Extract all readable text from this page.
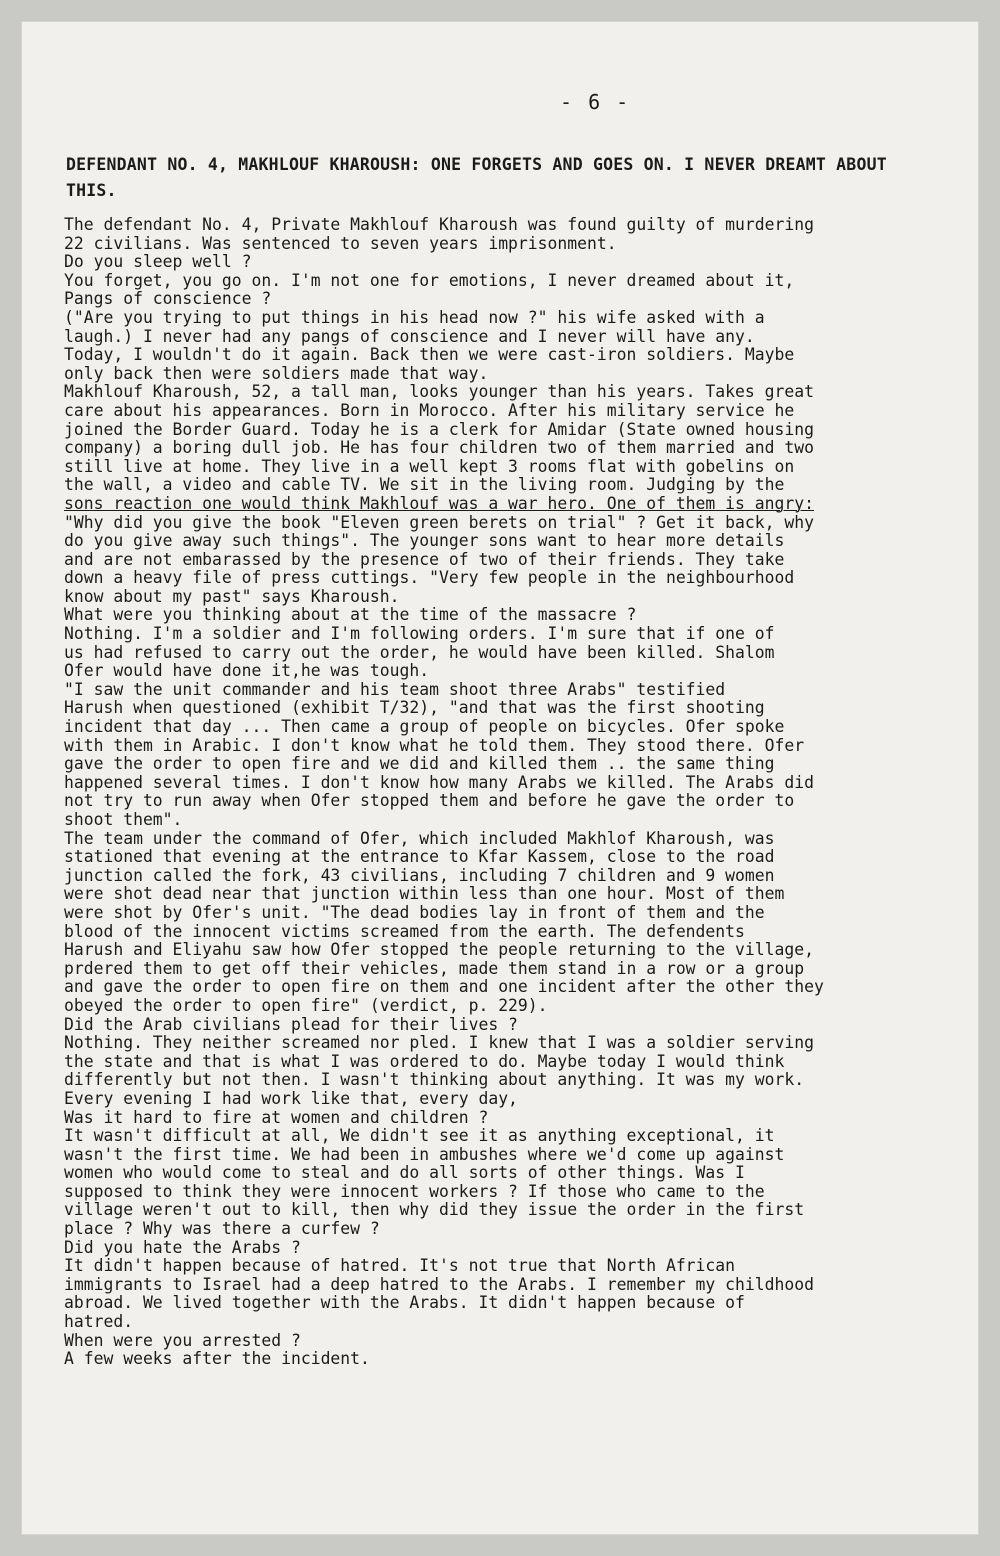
- 6 -
DEFENDANT NO. 4, MAKHLOUF KHAROUSH: ONE FORGETS AND GOES ON. I NEVER DREAMT ABOUT THIS.
The defendant No. 4, Private Makhlouf Kharoush was found guilty of murdering
22 civilians. Was sentenced to seven years imprisonment.
Do you sleep well ?
You forget, you go on. I'm not one for emotions, I never dreamed about it,
Pangs of conscience ?
("Are you trying to put things in his head now ?" his wife asked with a
laugh.) I never had any pangs of conscience and I never will have any.
Today, I wouldn't do it again. Back then we were cast-iron soldiers. Maybe
only back then were soldiers made that way.
Makhlouf Kharoush, 52, a tall man, looks younger than his years. Takes great
care about his appearances. Born in Morocco. After his military service he
joined the Border Guard. Today he is a clerk for Amidar (State owned housing
company) a boring dull job. He has four children two of them married and two
still live at home. They live in a well kept 3 rooms flat with gobelins on
the wall, a video and cable TV. We sit in the living room. Judging by the
sons reaction one would think Makhlouf was a war hero. One of them is angry:
"Why did you give the book "Eleven green berets on trial" ? Get it back, why
do you give away such things". The younger sons want to hear more details
and are not embarassed by the presence of two of their friends. They take
down a heavy file of press cuttings. "Very few people in the neighbourhood
know about my past" says Kharoush.
What were you thinking about at the time of the massacre ?
Nothing. I'm a soldier and I'm following orders. I'm sure that if one of
us had refused to carry out the order, he would have been killed. Shalom
Ofer would have done it,he was tough.
"I saw the unit commander and his team shoot three Arabs" testified
Harush when questioned (exhibit T/32), "and that was the first shooting
incident that day ... Then came a group of people on bicycles. Ofer spoke
with them in Arabic. I don't know what he told them. They stood there. Ofer
gave the order to open fire and we did and killed them .. the same thing
happened several times. I don't know how many Arabs we killed. The Arabs did
not try to run away when Ofer stopped them and before he gave the order to
shoot them".
The team under the command of Ofer, which included Makhlof Kharoush, was
stationed that evening at the entrance to Kfar Kassem, close to the road
junction called the fork, 43 civilians, including 7 children and 9 women
were shot dead near that junction within less than one hour. Most of them
were shot by Ofer's unit. "The dead bodies lay in front of them and the
blood of the innocent victims screamed from the earth. The defendents
Harush and Eliyahu saw how Ofer stopped the people returning to the village,
prdered them to get off their vehicles, made them stand in a row or a group
and gave the order to open fire on them and one incident after the other they
obeyed the order to open fire" (verdict, p. 229).
Did the Arab civilians plead for their lives ?
Nothing. They neither screamed nor pled. I knew that I was a soldier serving
the state and that is what I was ordered to do. Maybe today I would think
differently but not then. I wasn't thinking about anything. It was my work.
Every evening I had work like that, every day,
Was it hard to fire at women and children ?
It wasn't difficult at all, We didn't see it as anything exceptional, it
wasn't the first time. We had been in ambushes where we'd come up against
women who would come to steal and do all sorts of other things. Was I
supposed to think they were innocent workers ? If those who came to the
village weren't out to kill, then why did they issue the order in the first
place ? Why was there a curfew ?
Did you hate the Arabs ?
It didn't happen because of hatred. It's not true that North African
immigrants to Israel had a deep hatred to the Arabs. I remember my childhood
abroad. We lived together with the Arabs. It didn't happen because of
hatred.
When were you arrested ?
A few weeks after the incident.
